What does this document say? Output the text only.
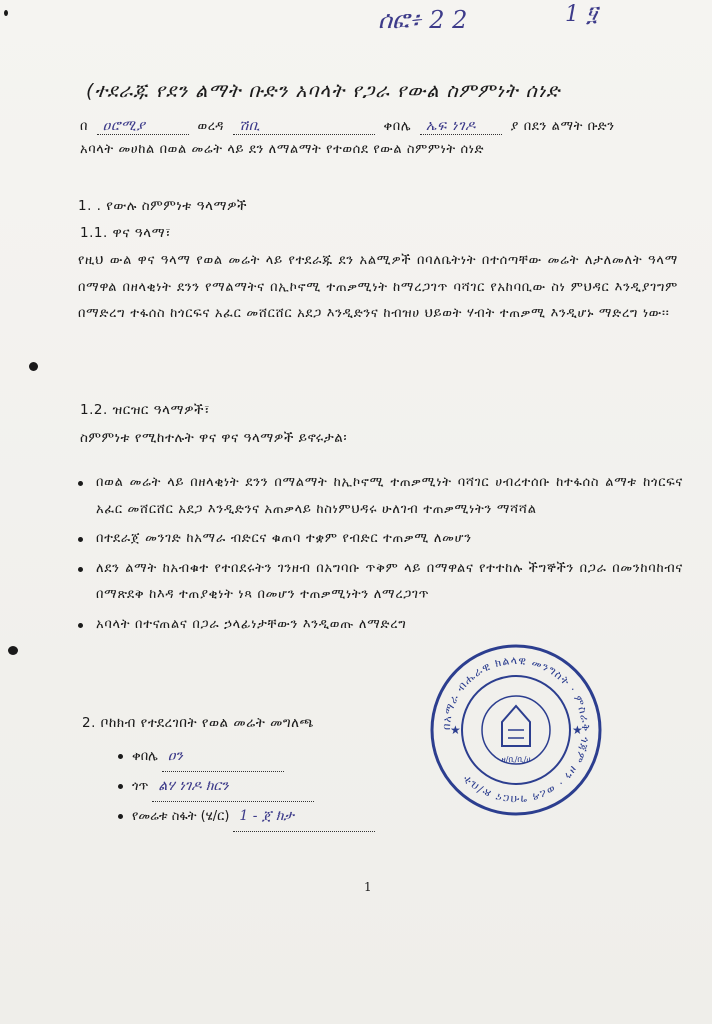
ሰፎ፥ 2 2	1 ፶
(ተደራጁ የደን ልማት ቡድን አባላት የጋራ የውል ስምምነት ሰነድ
በ ዐሮሚያ	ወረዳ ሽቢ	ቀበሌ ኤፍ ነገዶ	ያ በደን ልማት ቡድን
አባላት መሀከል በወል መሬት ላይ ደን ለማልማት የተወሰደ የውል ስምምነት ሰነድ
1. . የውሉ ስምምነቱ ዓላማዎች
1.1. ዋና ዓላማ፣
የዚህ ውል ዋና ዓላማ የወል መሬት ላይ የተደራጁ ደን አልሚዎች በባለቤትነት በተሰጣቸው መሬት ለታለመለት ዓላማ በማዋል በዘላቂነት ደንን የማልማትና በኢኮኖሚ ተጠቃሚነት ከማረጋገጥ ባሻገር የአከባቢው ስነ ምህዳር እንዲያገግም በማድረግ ተፋሰስ ከጎርፍና አፈር መሸርሸር አደጋ እንዲድንና ከብዝሀ ህይወት ሃብት ተጠቃሚ እንዲሆኑ ማድረግ ነው፡፡
1.2. ዝርዝር ዓላማዎች፣
ስምምነቱ የሚከተሉት ዋና ዋና ዓላማዎች ይኖሩታል፡
በወል መሬት ላይ በዘላቂነት ደንን በማልማት ከኢኮኖሚ ተጠቃሚነት ባሻገር ሀብረተሰቡ ከተፋሰስ ልማቱ ከጎርፍና አፈር መሸርሸር አደጋ እንዲድንና አጠቃላይ ከስነምህዳሩ ሁለገብ ተጠቃሚነትን ማሻሻል
በተደራጀ መንገድ ከአማራ ብድርና ቁጠባ ተቋም የብድር ተጠቃሚ ለመሆን
ለደን ልማት ከአብቁተ የተበደሩትን ገንዘብ በአግባቡ ጥቅም ላይ በማዋልና የተተከሉ ችግኞችን በጋራ በመንከባከብና በማጽደቅ ከእዳ ተጠያቂነት ነጻ በመሆን ተጠቃሚነትን ለማረጋገጥ
አባላት በተናጠልና በጋራ ኃላፊነታቸውን እንዲወጡ ለማድረግ
2. ቦከክብ የተደረገበት የወል መሬት መግለጫ
ቀበሌ ዐን
ጎጥ ልሃ ነገዶ ክርን
የመሬቱ ስፋት (ሄ/ር) 1 - ጀ ክታ
በአማራ ብሔራዊ ክልላዊ መንግስት · ምስራቅ ጎጃም ዞን · ወረዳ ግብርና ጽ/ቤት
★	★
ዘ/ቢ/ቢ/ሀ
1
